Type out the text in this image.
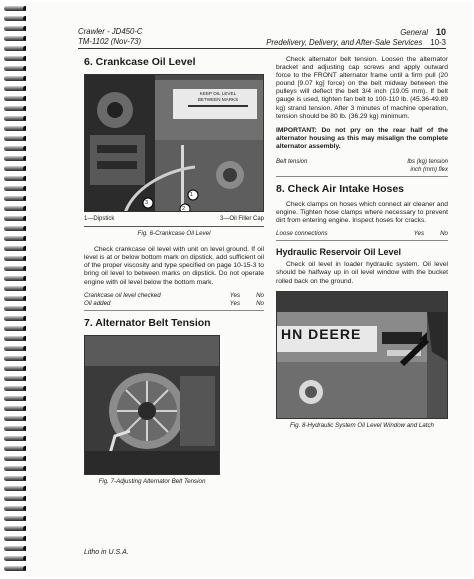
Crawler - JD450-C
TM-1102 (Nov-73)
General 10
Predelivery, Delivery, and After-Sale Services 10-3
6. Crankcase Oil Level
KEEP OIL LEVEL
BETWEEN MARKS
1
2
3
1—Dipstick	3—Oil Filler Cap
Fig. 6-Crankcase Oil Level

Check crankcase oil level with unit on level ground. If oil level is at or below bottom mark on dipstick, add sufficient oil of the proper viscosity and type specified on page 10-15-3 to bring oil level to between marks on dipstick. Do not operate engine with oil level below the bottom mark.

Crankcase oil level checked	Yes	No
Oil added	Yes	No
7. Alternator Belt Tension
Fig. 7-Adjusting Alternator Belt Tension

Check alternator belt tension. Loosen the alternator bracket and adjusting cap screws and apply outward force to the FRONT alternator frame until a firm pull (20 pound [9.07 kg] force) on the belt midway between the pulleys will deflect the belt 3/4 inch (19.05 mm). If belt gauge is used, tighten fan belt to 100-110 lb. (45.36-49.89 kg) strand tension. After 3 minutes of machine operation, tension should be 80 lb. (36.29 kg) minimum.

IMPORTANT: Do not pry on the rear half of the alternator housing as this may misalign the complete alternator assembly.

Belt tension	lbs (kg) tension
inch (mm) flex
8. Check Air Intake Hoses

Check clamps on hoses which connect air cleaner and engine. Tighten hose clamps where necessary to prevent dirt from entering engine. Inspect hoses for cracks.

Loose connections	Yes	No
Hydraulic Reservoir Oil Level

Check oil level in loader hydraulic system. Oil level should be halfway up in oil level window with the bucket rolled back on the ground.

HN DEERE
Fig. 8-Hydraulic System Oil Level Window and Latch
Litho in U.S.A.
